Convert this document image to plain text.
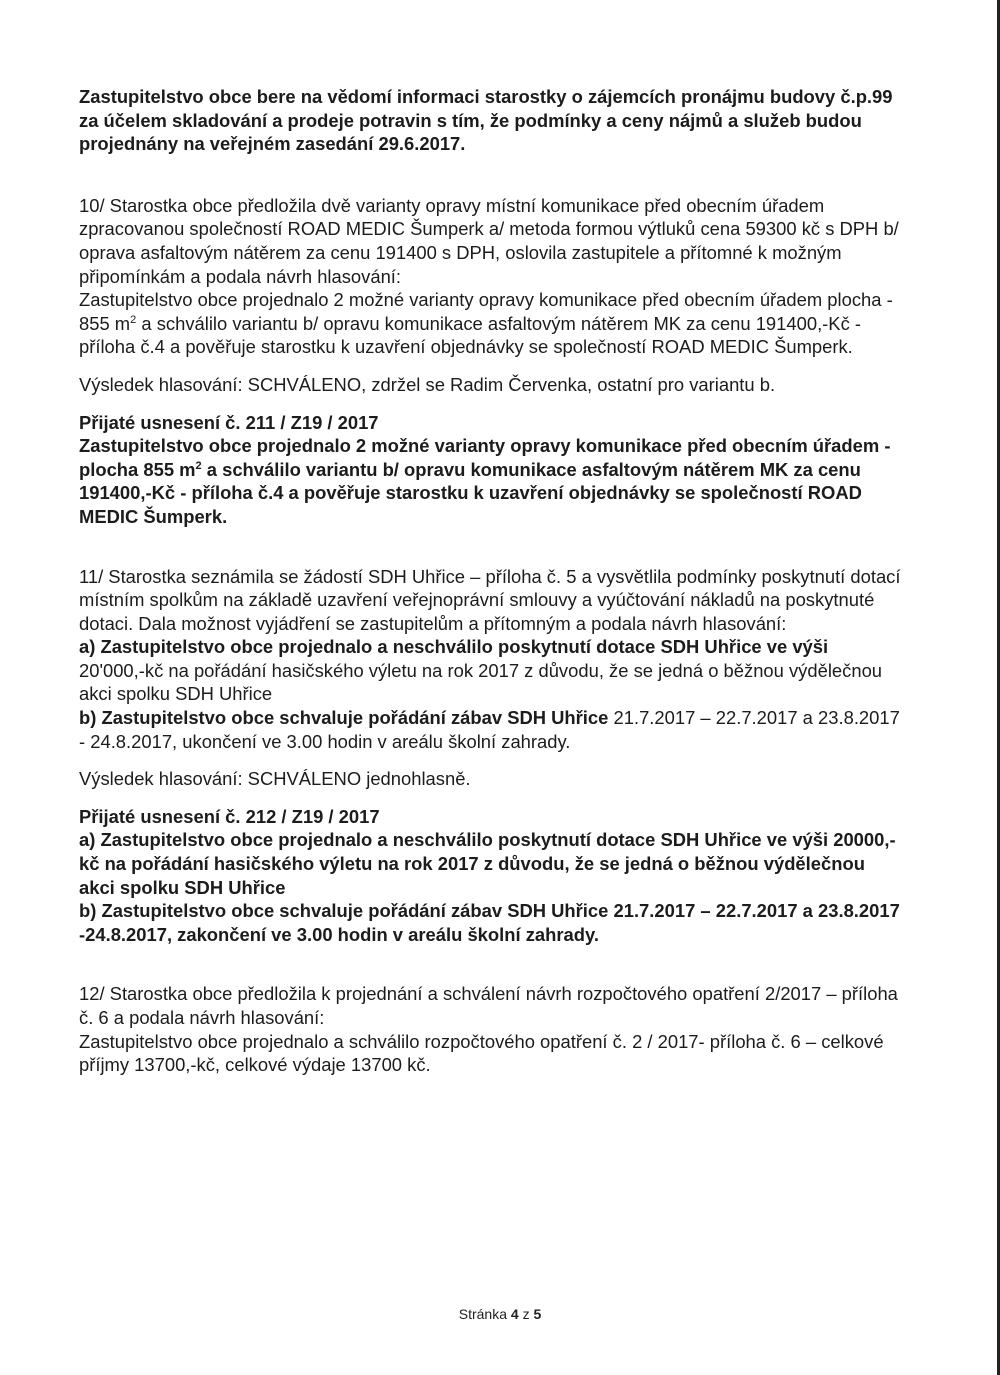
Zastupitelstvo obce bere na vědomí informaci starostky o zájemcích pronájmu budovy č.p.99 za účelem skladování a prodeje potravin s tím, že podmínky a ceny nájmů a služeb budou projednány na veřejném zasedání 29.6.2017.

10/ Starostka obce předložila dvě varianty opravy místní komunikace před obecním úřadem zpracovanou společností ROAD MEDIC Šumperk a/ metoda formou výtluků cena 59300 kč s DPH b/ oprava asfaltovým nátěrem za cenu 191400 s DPH, oslovila zastupitele a přítomné k možným připomínkám a podala návrh hlasování:

Zastupitelstvo obce projednalo 2 možné varianty opravy komunikace před obecním úřadem plocha - 855 $m^2$ a schválilo variantu b/ opravu komunikace asfaltovým nátěrem MK za cenu 191400,-Kč - příloha č.4 a pověřuje starostku k uzavření objednávky se společností ROAD MEDIC Šumperk.

Výsledek hlasování: SCHVÁLENO, zdržel se Radim Červenka, ostatní pro variantu b.

Přijaté usnesení č. 211 / Z19 / 2017

Zastupitelstvo obce projednalo 2 možné varianty opravy komunikace před obecním úřadem - plocha 855 $m^2$ a schválilo variantu b/ opravu komunikace asfaltovým nátěrem MK za cenu 191400,-Kč - příloha č.4 a pověřuje starostku k uzavření objednávky se společností ROAD MEDIC Šumperk.

11/ Starostka seznámila se žádostí SDH Uhřice – příloha č. 5 a vysvětlila podmínky poskytnutí dotací místním spolkům na základě uzavření veřejnoprávní smlouvy a vyúčtování nákladů na poskytnuté dotaci. Dala možnost vyjádření se zastupitelům a přítomným a podala návrh hlasování:

a) Zastupitelstvo obce projednalo a neschválilo poskytnutí dotace SDH Uhřice ve výši
20'000,-kč na pořádání hasičského výletu na rok 2017 z důvodu, že se jedná o běžnou výdělečnou akci spolku SDH Uhřice

b) Zastupitelstvo obce schvaluje pořádání zábav SDH Uhřice 21.7.2017 – 22.7.2017 a 23.8.2017 - 24.8.2017, ukončení ve 3.00 hodin v areálu školní zahrady.

Výsledek hlasování: SCHVÁLENO jednohlasně.

Přijaté usnesení č. 212 / Z19 / 2017

a) Zastupitelstvo obce projednalo a neschválilo poskytnutí dotace SDH Uhřice ve výši 20000,-kč na pořádání hasičského výletu na rok 2017 z důvodu, že se jedná o běžnou výdělečnou akci spolku SDH Uhřice

b) Zastupitelstvo obce schvaluje pořádání zábav SDH Uhřice 21.7.2017 – 22.7.2017 a 23.8.2017 -24.8.2017, zakončení ve 3.00 hodin v areálu školní zahrady.

12/ Starostka obce předložila k projednání a schválení návrh rozpočtového opatření 2/2017 – příloha č. 6 a podala návrh hlasování:

Zastupitelstvo obce projednalo a schválilo rozpočtového opatření č. 2 / 2017- příloha č. 6 – celkové příjmy 13700,-kč, celkové výdaje 13700 kč.

Stránka 4 z 5
